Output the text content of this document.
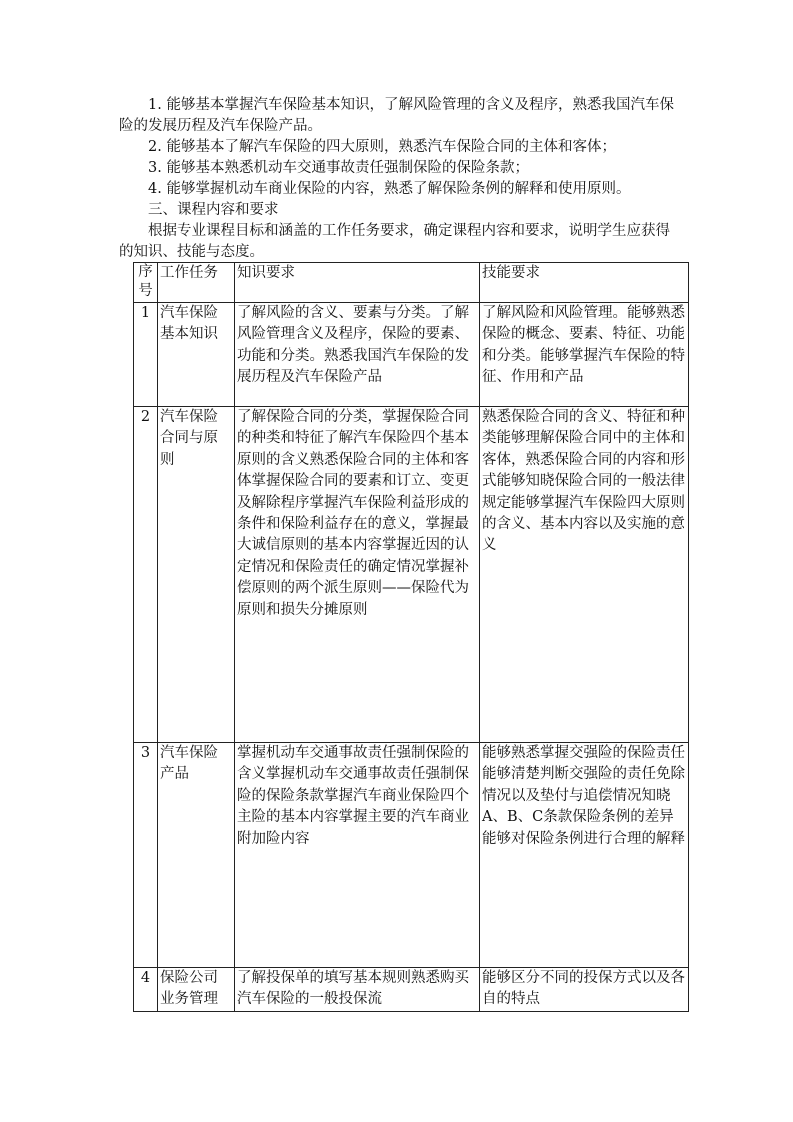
1. 能够基本掌握汽车保险基本知识，了解风险管理的含义及程序，熟悉我国汽车保险的发展历程及汽车保险产品。

2. 能够基本了解汽车保险的四大原则，熟悉汽车保险合同的主体和客体；

3. 能够基本熟悉机动车交通事故责任强制保险的保险条款；

4. 能够掌握机动车商业保险的内容，熟悉了解保险条例的解释和使用原则。

三、课程内容和要求

根据专业课程目标和涵盖的工作任务要求，确定课程内容和要求，说明学生应获得的知识、技能与态度。

序
号	工作任务	知识要求	技能要求
1	汽车保险基本知识	了解风险的含义、要素与分类。了解风险管理含义及程序，保险的要素、功能和分类。熟悉我国汽车保险的发展历程及汽车保险产品	了解风险和风险管理。能够熟悉保险的概念、要素、特征、功能和分类。能够掌握汽车保险的特征、作用和产品

2	汽车保险合同与原则	了解保险合同的分类，掌握保险合同的种类和特征了解汽车保险四个基本原则的含义熟悉保险合同的主体和客体掌握保险合同的要素和订立、变更及解除程序掌握汽车保险利益形成的条件和保险利益存在的意义，掌握最大诚信原则的基本内容掌握近因的认定情况和保险责任的确定情况掌握补偿原则的两个派生原则——保险代为原则和损失分摊原则	熟悉保险合同的含义、特征和种类能够理解保险合同中的主体和客体，熟悉保险合同的内容和形式能够知晓保险合同的一般法律规定能够掌握汽车保险四大原则的含义、基本内容以及实施的意义

3	汽车保险产品	掌握机动车交通事故责任强制保险的含义掌握机动车交通事故责任强制保险的保险条款掌握汽车商业保险四个主险的基本内容掌握主要的汽车商业附加险内容	能够熟悉掌握交强险的保险责任能够清楚判断交强险的责任免除情况以及垫付与追偿情况知晓A、B、C条款保险条例的差异能够对保险条例进行合理的解释

4	保险公司业务管理	了解投保单的填写基本规则熟悉购买汽车保险的一般投保流	能够区分不同的投保方式以及各自的特点
